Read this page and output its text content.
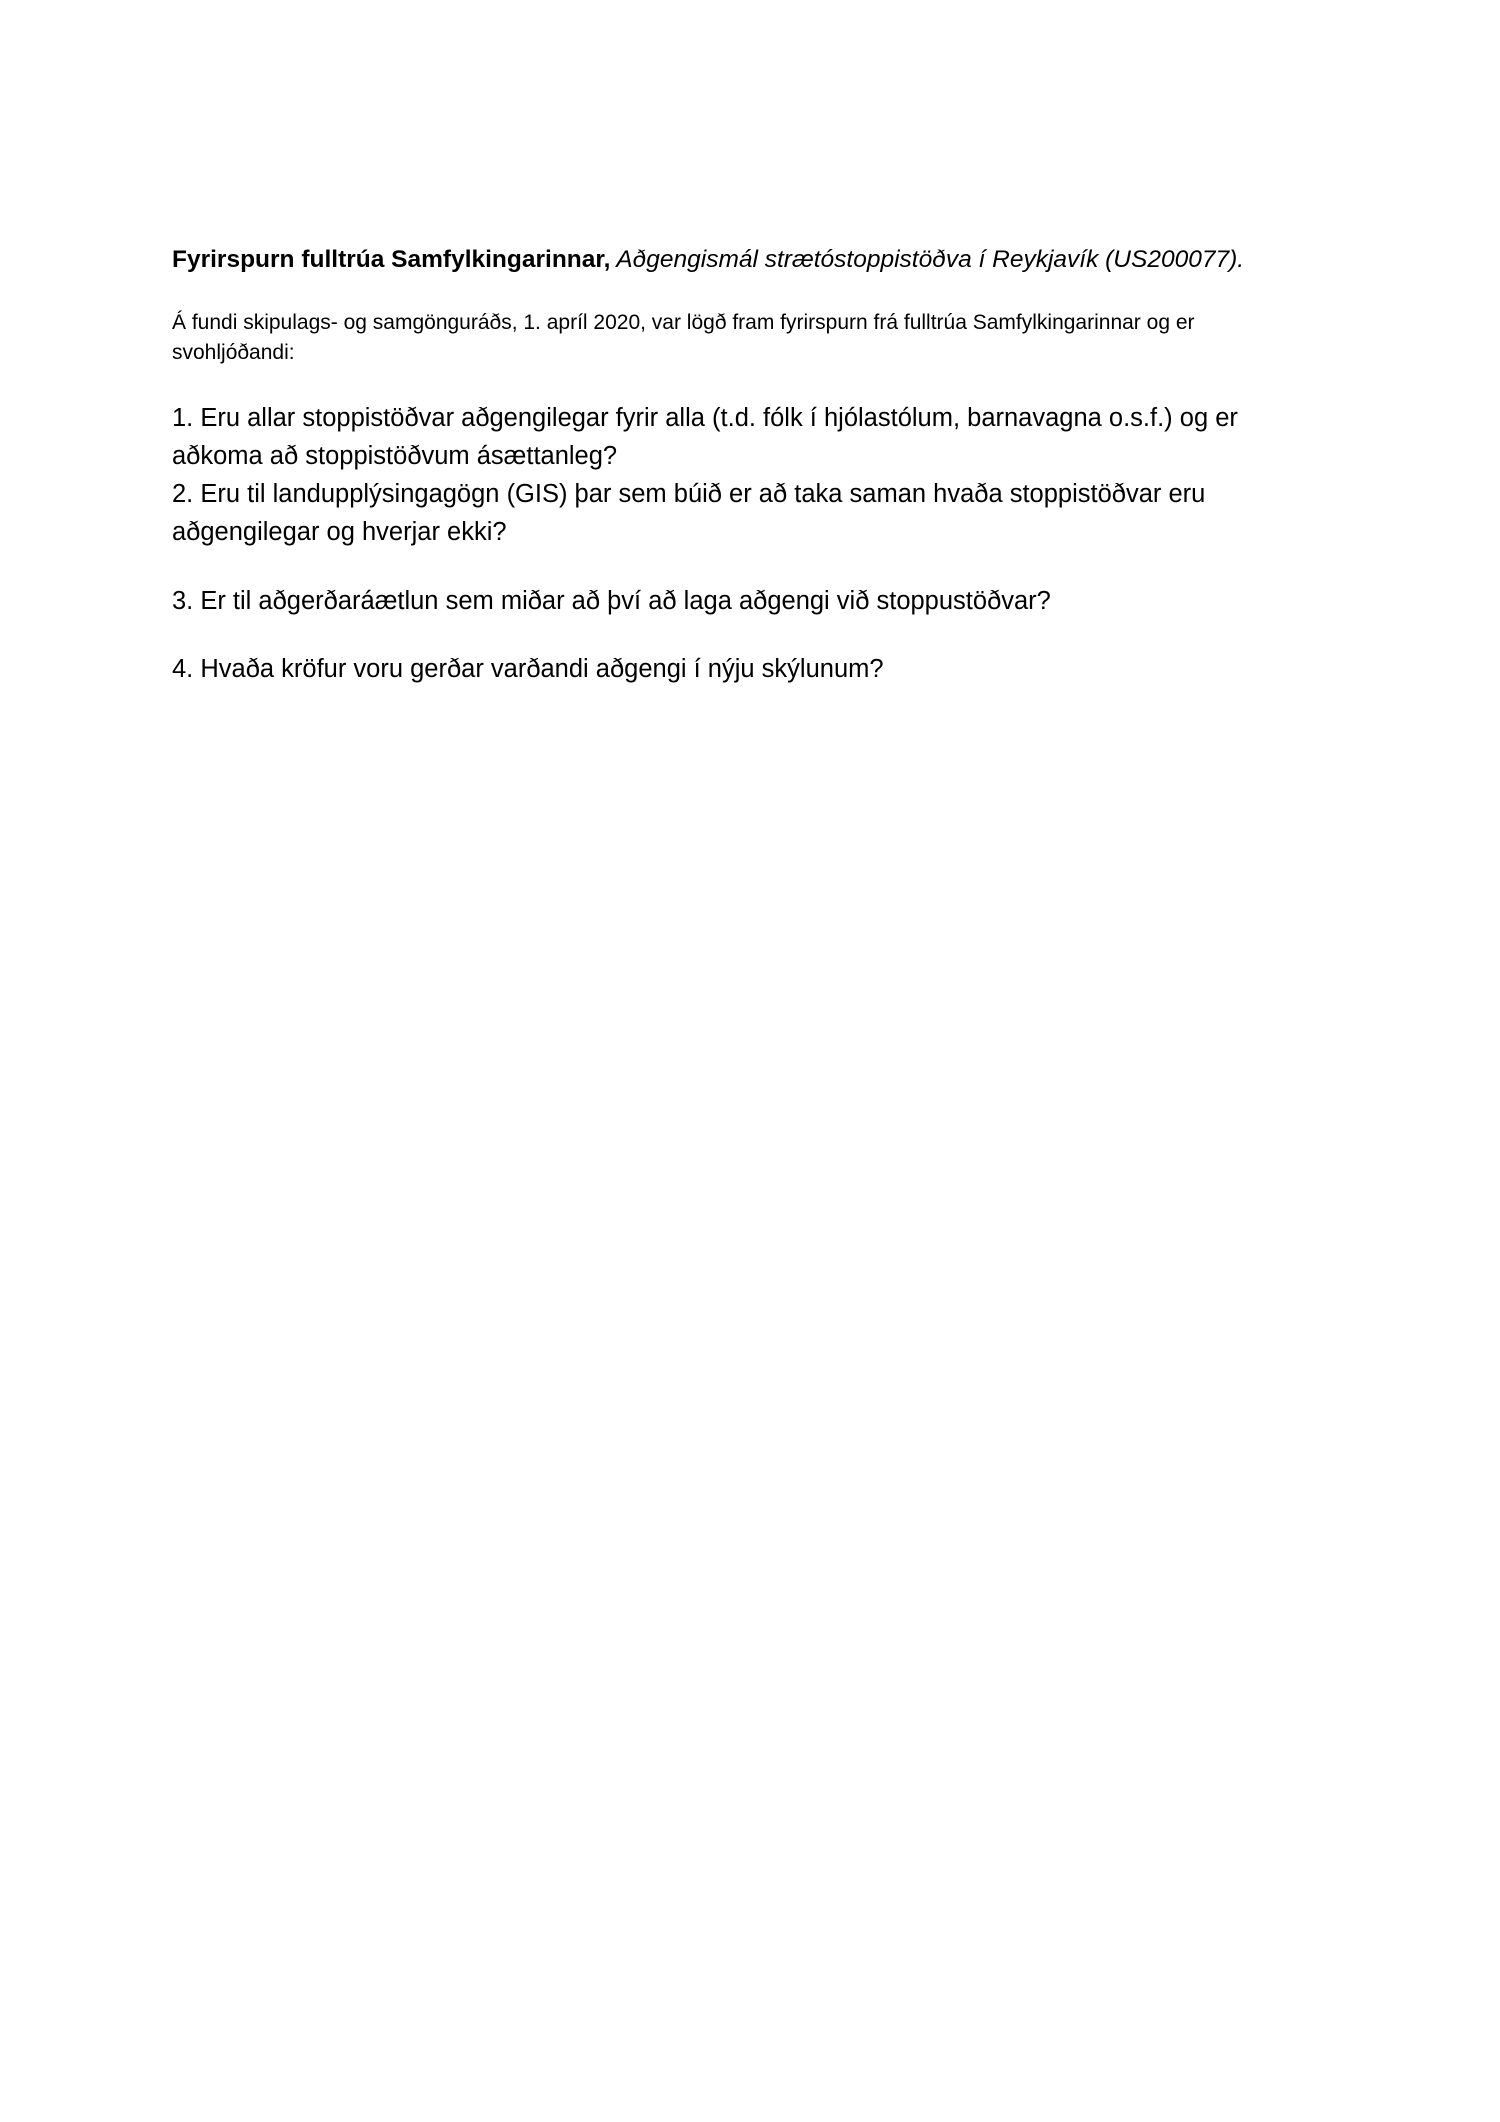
Fyrirspurn fulltrúa Samfylkingarinnar, Aðgengismál strætóstoppistöðva í Reykjavík (US200077).
Á fundi skipulags- og samgönguráðs, 1. apríl 2020, var lögð fram fyrirspurn frá fulltrúa Samfylkingarinnar og er svohljóðandi:

1. Eru allar stoppistöðvar aðgengilegar fyrir alla (t.d. fólk í hjólastólum, barnavagna o.s.f.) og er aðkoma að stoppistöðvum ásættanleg?

2. Eru til landupplýsingagögn (GIS) þar sem búið er að taka saman hvaða stoppistöðvar eru aðgengilegar og hverjar ekki?

3. Er til aðgerðaráætlun sem miðar að því að laga aðgengi við stoppustöðvar?

4. Hvaða kröfur voru gerðar varðandi aðgengi í nýju skýlunum?
